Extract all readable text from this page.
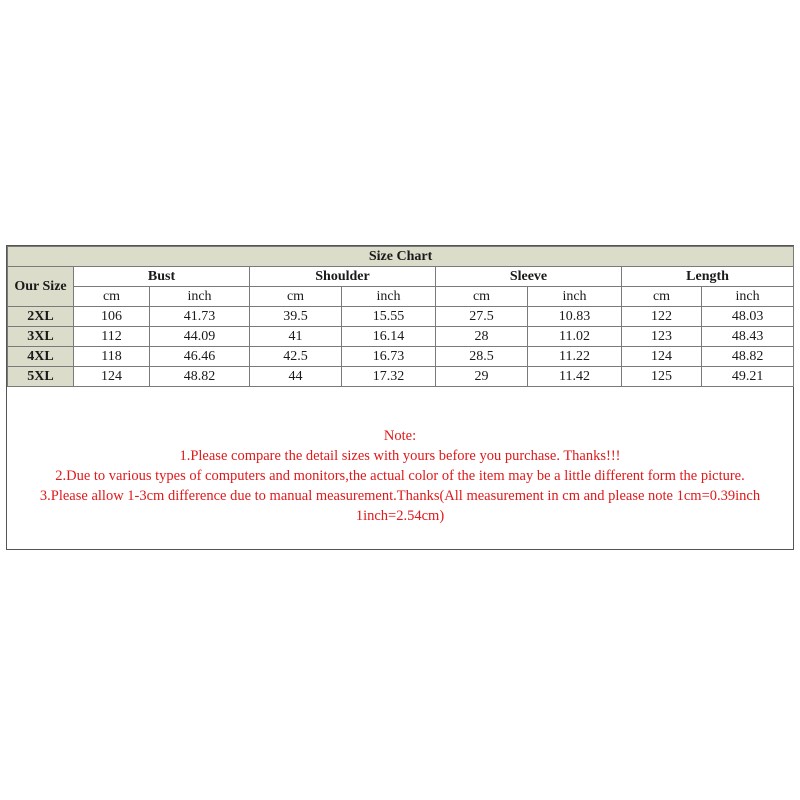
Size Chart								
Our Size	Bust		Shoulder		Sleeve		Length	
	cm	inch	cm	inch	cm	inch	cm	inch
2XL	106	41.73	39.5	15.55	27.5	10.83	122	48.03
3XL	112	44.09	41	16.14	28	11.02	123	48.43
4XL	118	46.46	42.5	16.73	28.5	11.22	124	48.82
5XL	124	48.82	44	17.32	29	11.42	125	49.21
Note:
1.Please compare the detail sizes with yours before you purchase. Thanks!!!
2.Due to various types of computers and monitors,the actual color of the item may be a little different form the picture.
3.Please allow 1-3cm difference due to manual measurement.Thanks(All measurement in cm and please note 1cm=0.39inch
1inch=2.54cm)
